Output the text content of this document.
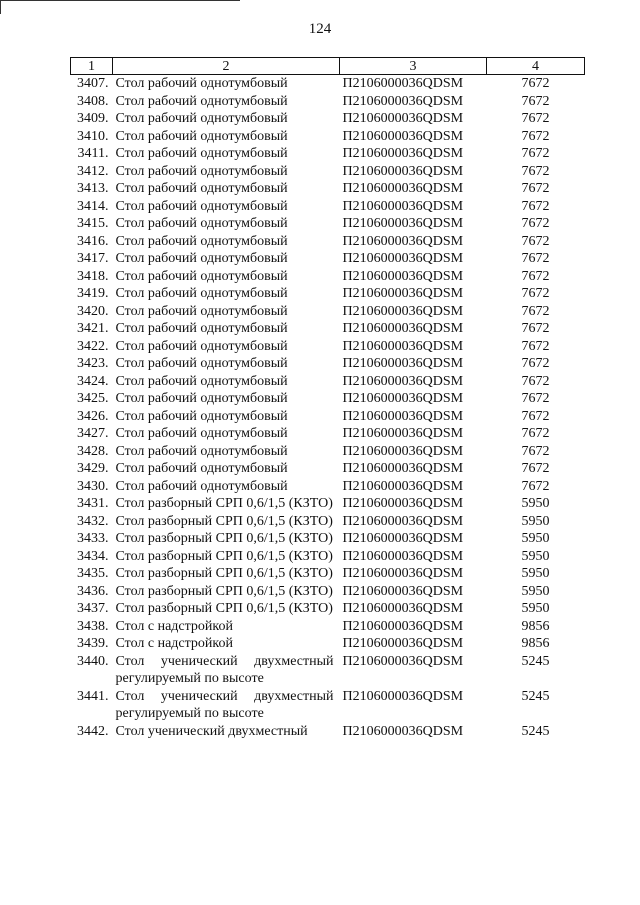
124
1	2	3	4
3407.	Стол рабочий однотумбовый	П2106000036QDSM	7672
3408.	Стол рабочий однотумбовый	П2106000036QDSM	7672
3409.	Стол рабочий однотумбовый	П2106000036QDSM	7672
3410.	Стол рабочий однотумбовый	П2106000036QDSM	7672
3411.	Стол рабочий однотумбовый	П2106000036QDSM	7672
3412.	Стол рабочий однотумбовый	П2106000036QDSM	7672
3413.	Стол рабочий однотумбовый	П2106000036QDSM	7672
3414.	Стол рабочий однотумбовый	П2106000036QDSM	7672
3415.	Стол рабочий однотумбовый	П2106000036QDSM	7672
3416.	Стол рабочий однотумбовый	П2106000036QDSM	7672
3417.	Стол рабочий однотумбовый	П2106000036QDSM	7672
3418.	Стол рабочий однотумбовый	П2106000036QDSM	7672
3419.	Стол рабочий однотумбовый	П2106000036QDSM	7672
3420.	Стол рабочий однотумбовый	П2106000036QDSM	7672
3421.	Стол рабочий однотумбовый	П2106000036QDSM	7672
3422.	Стол рабочий однотумбовый	П2106000036QDSM	7672
3423.	Стол рабочий однотумбовый	П2106000036QDSM	7672
3424.	Стол рабочий однотумбовый	П2106000036QDSM	7672
3425.	Стол рабочий однотумбовый	П2106000036QDSM	7672
3426.	Стол рабочий однотумбовый	П2106000036QDSM	7672
3427.	Стол рабочий однотумбовый	П2106000036QDSM	7672
3428.	Стол рабочий однотумбовый	П2106000036QDSM	7672
3429.	Стол рабочий однотумбовый	П2106000036QDSM	7672
3430.	Стол рабочий однотумбовый	П2106000036QDSM	7672
3431.	Стол разборный СРП 0,6/1,5 (КЗТО)	П2106000036QDSM	5950
3432.	Стол разборный СРП 0,6/1,5 (КЗТО)	П2106000036QDSM	5950
3433.	Стол разборный СРП 0,6/1,5 (КЗТО)	П2106000036QDSM	5950
3434.	Стол разборный СРП 0,6/1,5 (КЗТО)	П2106000036QDSM	5950
3435.	Стол разборный СРП 0,6/1,5 (КЗТО)	П2106000036QDSM	5950
3436.	Стол разборный СРП 0,6/1,5 (КЗТО)	П2106000036QDSM	5950
3437.	Стол разборный СРП 0,6/1,5 (КЗТО)	П2106000036QDSM	5950
3438.	Стол с надстройкой	П2106000036QDSM	9856
3439.	Стол с надстройкой	П2106000036QDSM	9856
3440.	Стол ученический двухместный регулируемый по высоте	П2106000036QDSM	5245
3441.	Стол ученический двухместный регулируемый по высоте	П2106000036QDSM	5245
3442.	Стол ученический двухместный	П2106000036QDSM	5245
